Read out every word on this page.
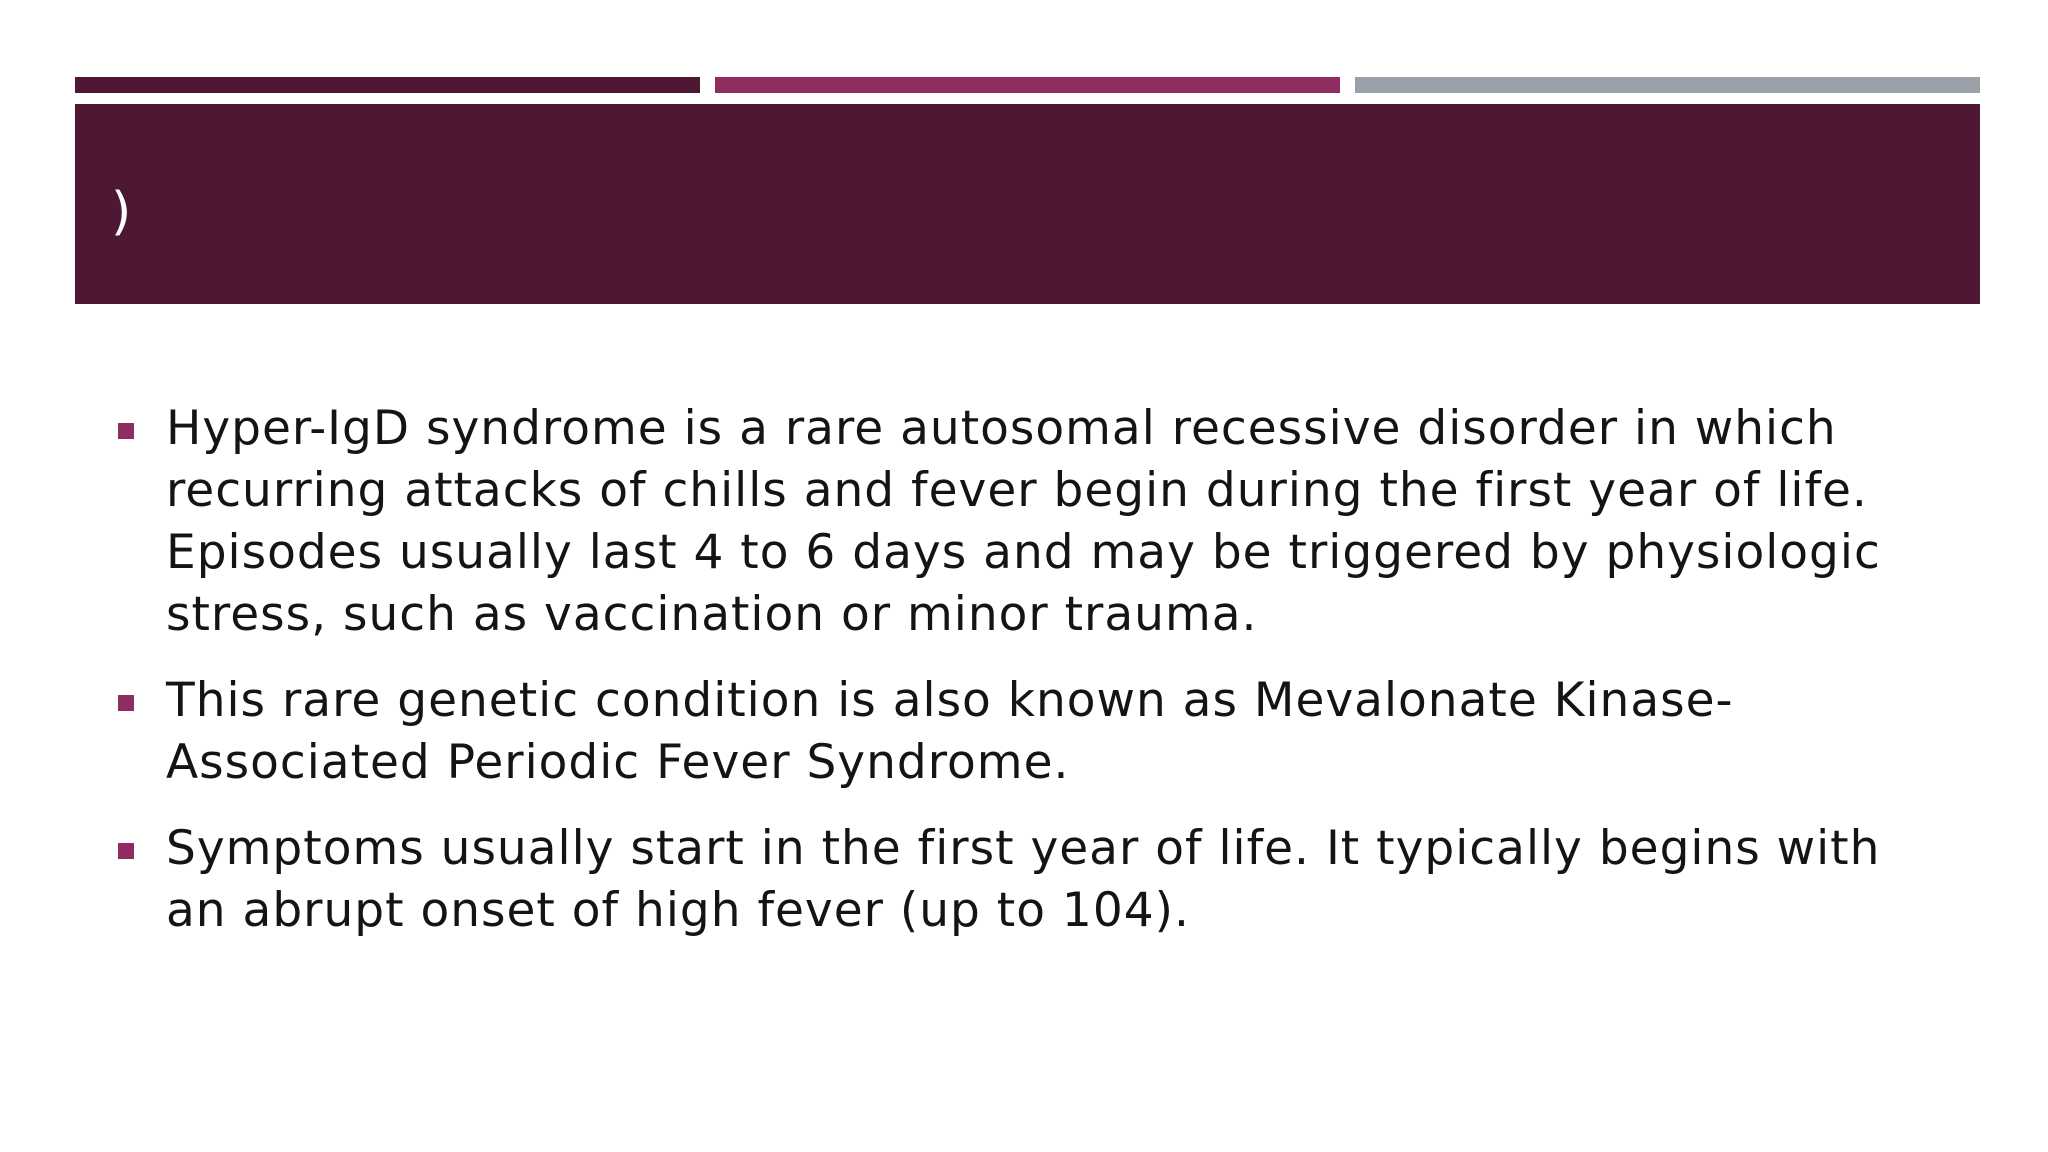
)
Hyper-IgD syndrome is a rare autosomal recessive disorder in which recurring attacks of chills and fever begin during the first year of life. Episodes usually last 4 to 6 days and may be triggered by physiologic stress, such as vaccination or minor trauma.
This rare genetic condition is also known as Mevalonate Kinase-Associated Periodic Fever Syndrome.
Symptoms usually start in the first year of life. It typically begins with an abrupt onset of high fever (up to 104).
